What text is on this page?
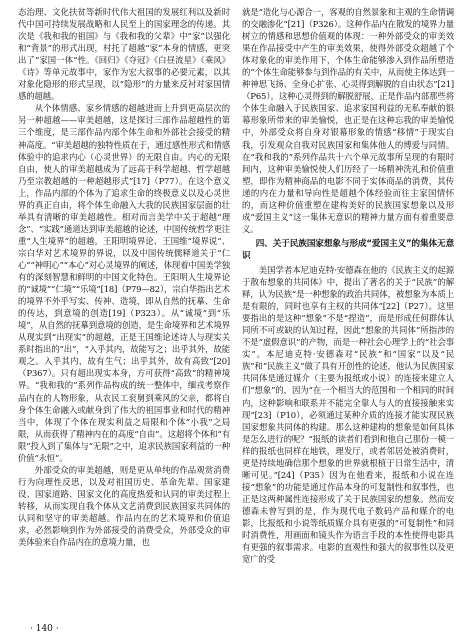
态治理、文化扶贫等新时代伟大祖国的发展红利以及新时代中国可持续发展战略和人民至上的国家理念的传递。其次是《我和我的祖国》与《我和我的父辈》中“家”以强化和“背景”的形式出现，村托了超越“家”本身的情感，更突出了“家国一体”性。《回归》《夺冠》《白昼流星》《乘风》《诗》等单元故事中，家作为宏大叙事的必要元素，以其对象化隐形的形式呈现，以“隐形”的力量来反衬对家国情感的超越。

从个体情感、家乡情感的超越进而上升到更高层次的另一种超越——审美超越，这是探讨三部作品超越性的第三个维度，是三部作品内部个体生命和外部社会接受的精神高度。“审美超越的独特性质在于，通过感性形式和情感体验中的追求内心（心灵世界）的无限自由。内心的无限自由，使人的审美超越成为了远高于科学超越、哲学超越乃至宗教超越的一种超越形式”[17]（P77）。在这个意义上，作品内部的个体为了追求生命的终极意义以及心灵世界的真正自由，将个体生命融入大我的民族国家层面的壮举具有清晰的审美超越性。相对而言美学中关于超越“理念”、“实践”通道达到审美超越的论述，中国传统哲学更注重“人生境界”的超越。王阳明境界论、王国维“境界说”、宗白华对艺术境界的界说，以及中国传统儒释道关于“仁心”“神明心”“本心”对心灵境界的阐述，体现着中国美学独有的深刻智慧和鲜明的中国文化特色。王阳明人生境界论的“诚境”“仁境”“乐境”[18]（P79—82），宗白华指出艺术的境界不外乎写实、传神、造境，即从自然的抚摹、生命的传达，到意境的创造[19]（P323）。从“诚境”到“乐境”，从自然的抚摹到意境的创造，是生命境界和艺术境界从现实到“出现实”的超越，正是王国维论述诗人与现实关系时指出的“出”，“入乎其内，故能写之；出乎其外，故能观之。入乎其内，故有生气；出乎其外，故有高致”[20]（P367）。只有超出现实本身，方可获得“高致”的精神境界。“我和我的”系列作品构成的统一整体中，缅戎考察作品内在的人物形象，从农民工衮舅到乘风的父亲，都将自身个体生命融入或献身到了伟大的祖国事业和时代的精神当中，体现了个体在现实利益之局限和个体“小我”之局限，从而获得了精神内在的高度“自由”。这超将个体和“有限”投入到了集体与“无限”之中，追求民族国家利益的一种价值“永恒”。

外部受众的审美超越，则是更从单纯的作品观赏消费行为向理性反思，以及对祖国历史、革命先辈、国家建设、国家道路、国家文化的高度热爱和认同的审美过程上转移，从而实现自我个体从文艺消费到民族国家共同体的认同和坚守的审美超越。作品内在的艺术境界和价值追求，必然影响到作为外部接受的消费受众，外部受众的审美体验来自作品内在的意境力量，也

就是“造化与心源合一，客观的自然景象和主观的生命情调的交融渗化”[21]（P326）。这种作品内在散发的境界力量树立的情感和思想价值观的体现：一种外部受众的审美效果在作品接受中产生的审美效果，使得外部受众超越了个体对象化的审美作用下，个体生命能够渗入到作品所塑造的“个体生命能够参与到作品的有关中，从而使主体达到一种神思飞扬、全身心扩张、心灵得到解脱的自由状态”[21]（P65）。这种心灵得到的解脱舒展，正是作品内部那些将个体生命融入于民族国家、追求家国利益的无私奉献的银幕形象所带来的审美愉悦，也正是在这种忘我的审美愉悦中，外部受众将自身对银幕形象的情感“移情”于现实自我，引发观众自我对民族国家和集体他人的博爱与同情。在“我和我的”系列作品共十六个单元故事所呈现的有限时间内，这种审美愉悦使人们历经了一场精神洗礼和价值重塑，即作为精神商品的电影不同于实体商品的消费，其传递的内在力量和导向性是超越个体经验而往主家国情怀的，而这种价值重塑在建构美好的民族国家想象以及形成“爱国主义”这一集体无意识的精神力量方面有着重要意义。

四、关于民族国家想象与形成“爱国主义”的集体无意识

美国学者本尼迪克特·安德森在他的《民族主义的起源于散布想象的共同体》中，提出了著名的关于“民族”的解释，认为民族“是一种想象的政治共同体，被想象为本质上是有限的，同时也享有主权的共同体”[22]（P27）。这里要指出的是这种“想象”不是“捏造”，而是形成任何群体认同所不可或缺的认知过程，因此“想象的共同体”所指涉的不是“虚假意识”的产物，而是一种社会心理学上的“社会事实”。本尼迪克特·安德森对“民族”和“国家”以及“民族”和“民族主义”做了具有开创性的论述，他认为民族国家共同体是通过媒介（主要为报纸或小说）的连接来建立人们“想象”的，因为“在一个相当大的范围和一个相同的时间内，这种影响和联系并不能完全靠人与人的直接接触来实现”[23]（P10），必须通过某种介质的连接才能实现民族国家想象共同体的构建。那么这种建构的想象是如何具体是怎么进行的呢？“报纸的读者们看到和他自己那份一模一样的报纸也同样在地铁，理发厅，或者邻居处被消费时，更是持续地确信那个想象的世界就根植于日常生活中，清晰可见。”[24]（P35）因为在他看来，报纸和小说在连接“想象”的功能是通过作品本身的可复制性和叙事性，也正是这两种属性连接形成了关于民族国家的想象。然而安德森未曾写到的是，作为现代电子数码产品和媒介的电影，比报纸和小说等纸质媒介具有更强的“可复制性”和同时消费性，用画面和镜头作为语言手段的本性使得电影具有更强的叙事需求。电影的直观性和强大的叙事性以及更宽广的受

· 140 ·
